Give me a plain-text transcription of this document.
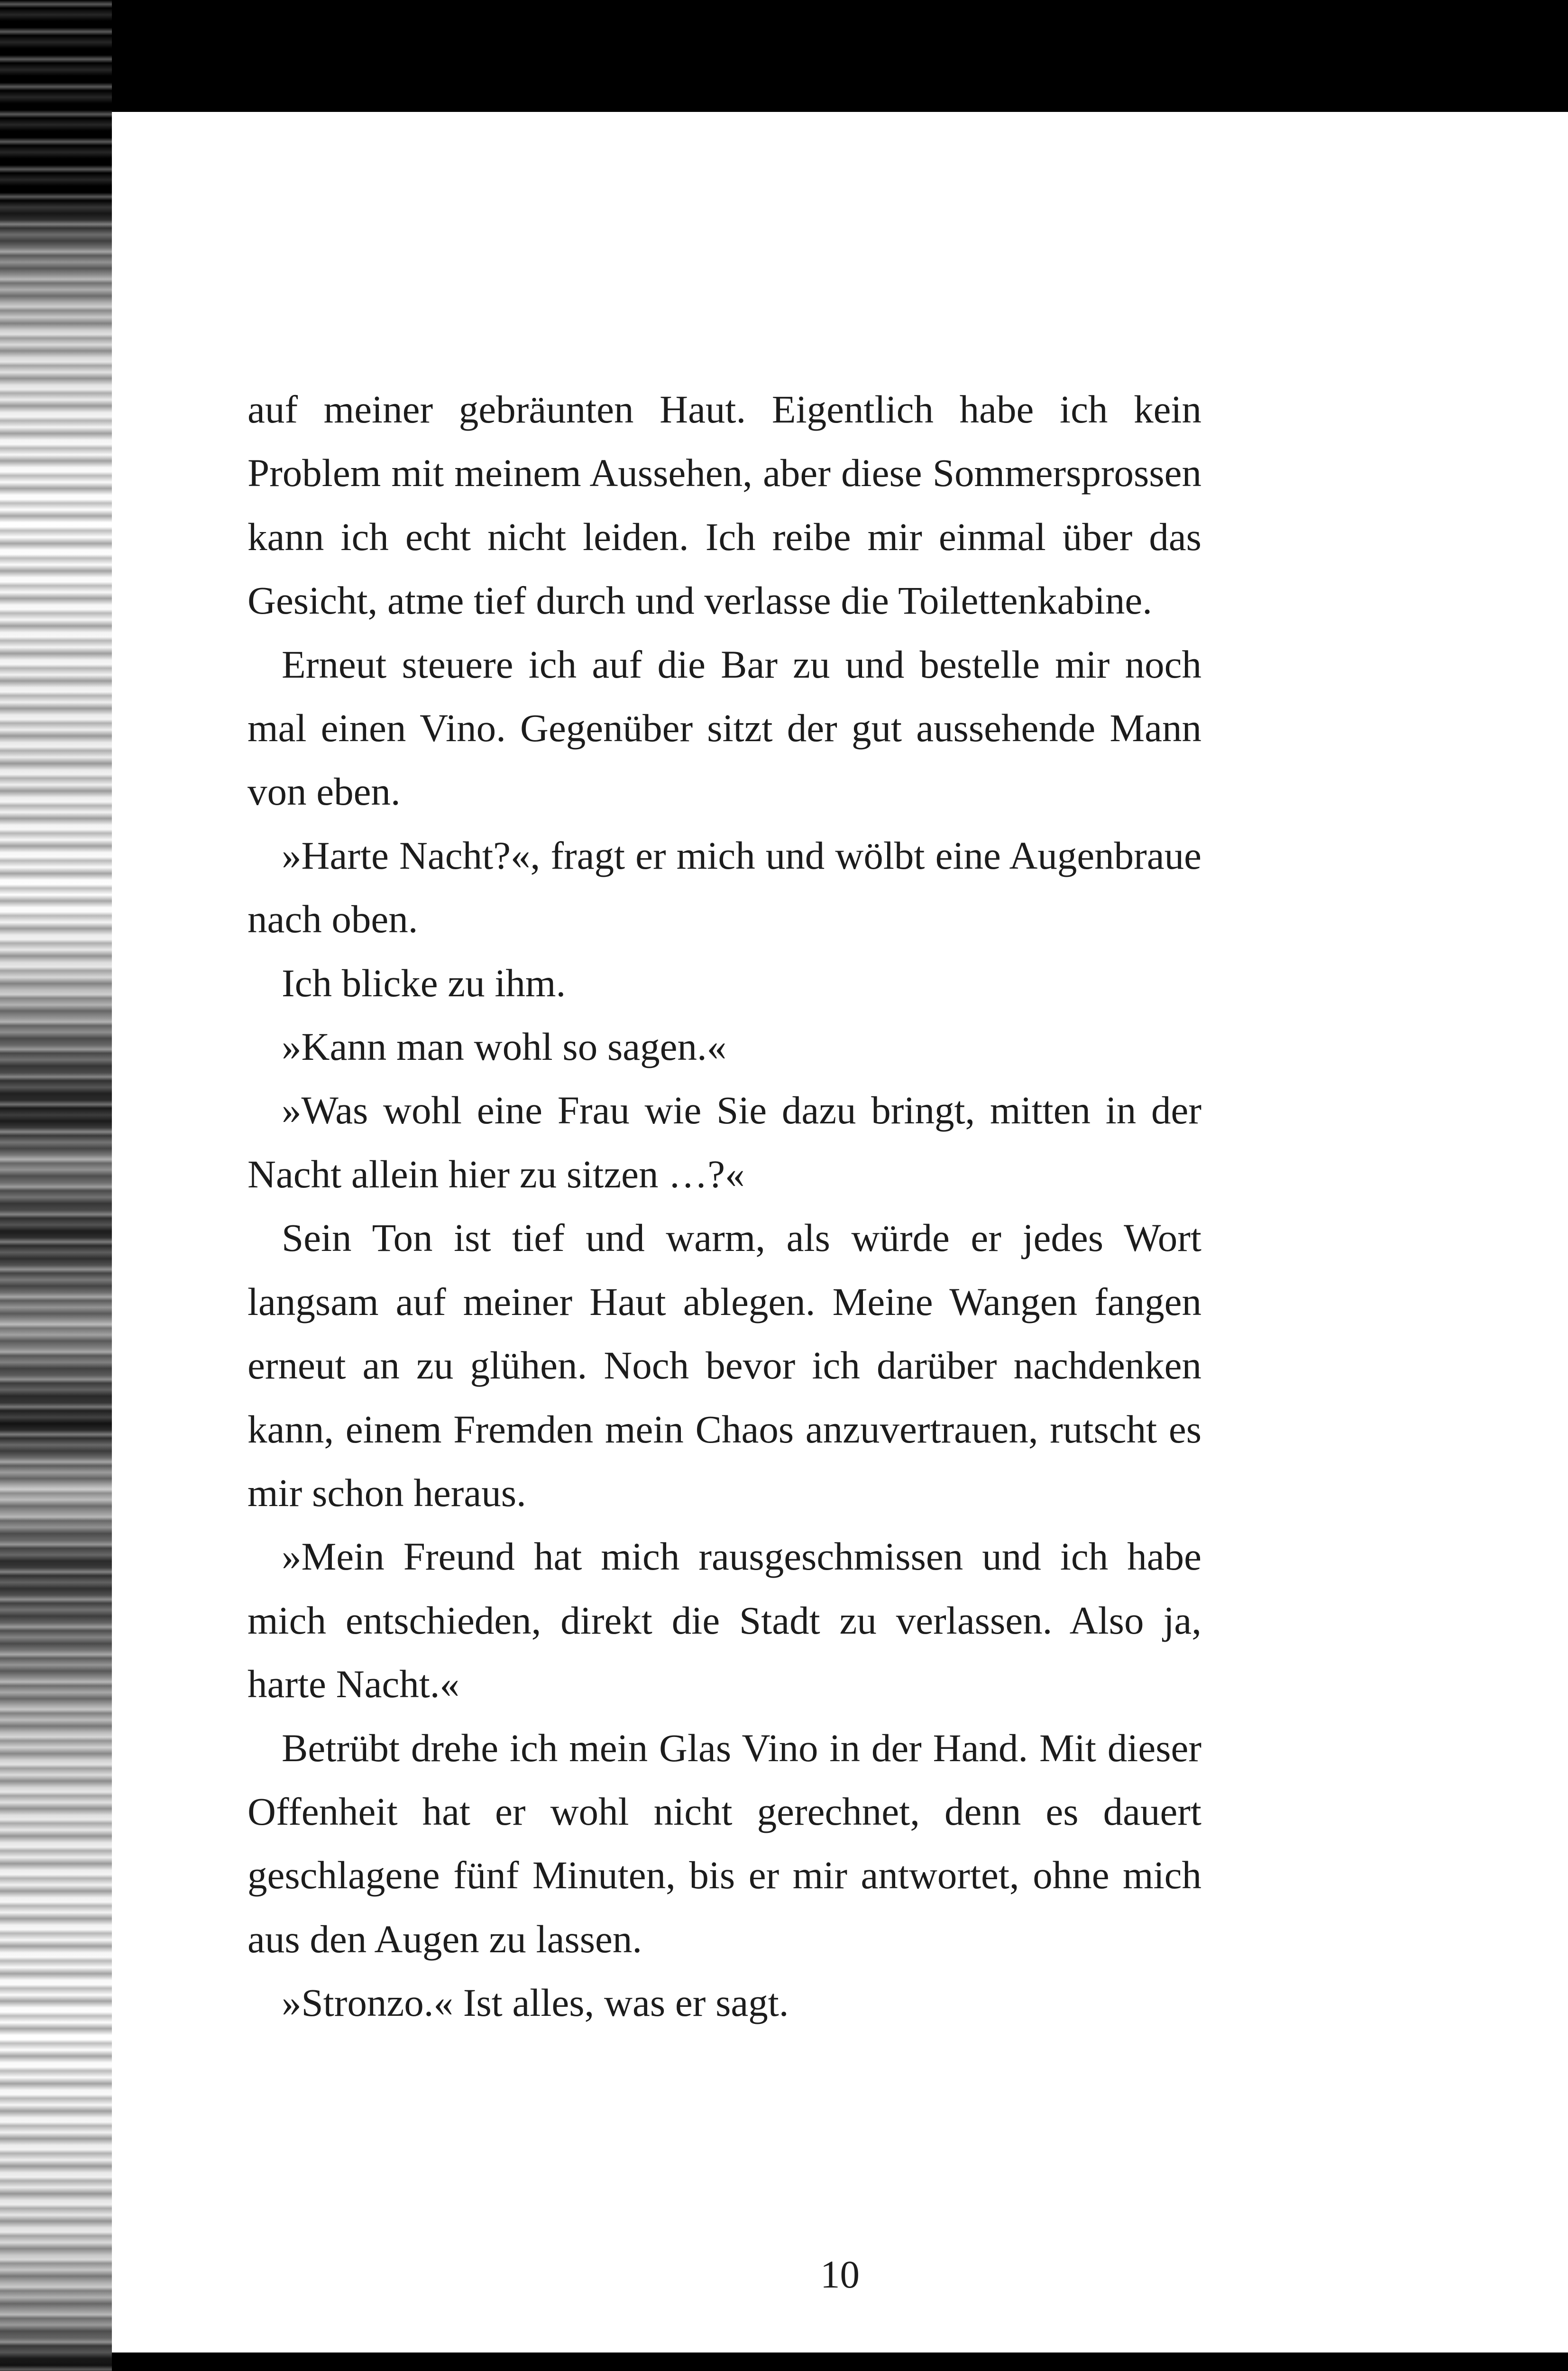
auf meiner gebräunten Haut. Eigentlich habe ich kein Problem mit meinem Aussehen, aber diese Sommersprossen kann ich echt nicht leiden. Ich reibe mir einmal über das Gesicht, atme tief durch und verlasse die Toilettenkabine.

Erneut steuere ich auf die Bar zu und bestelle mir noch mal einen Vino. Gegenüber sitzt der gut aussehende Mann von eben.

»Harte Nacht?«, fragt er mich und wölbt eine Augenbraue nach oben.

Ich blicke zu ihm.

»Kann man wohl so sagen.«

»Was wohl eine Frau wie Sie dazu bringt, mitten in der Nacht allein hier zu sitzen …?«

Sein Ton ist tief und warm, als würde er jedes Wort langsam auf meiner Haut ablegen. Meine Wangen fangen erneut an zu glühen. Noch bevor ich darüber nachdenken kann, einem Fremden mein Chaos anzuvertrauen, rutscht es mir schon heraus.

»Mein Freund hat mich rausgeschmissen und ich habe mich entschieden, direkt die Stadt zu verlassen. Also ja, harte Nacht.«

Betrübt drehe ich mein Glas Vino in der Hand. Mit dieser Offenheit hat er wohl nicht gerechnet, denn es dauert geschlagene fünf Minuten, bis er mir antwortet, ohne mich aus den Augen zu lassen.

»Stronzo.« Ist alles, was er sagt.

10
